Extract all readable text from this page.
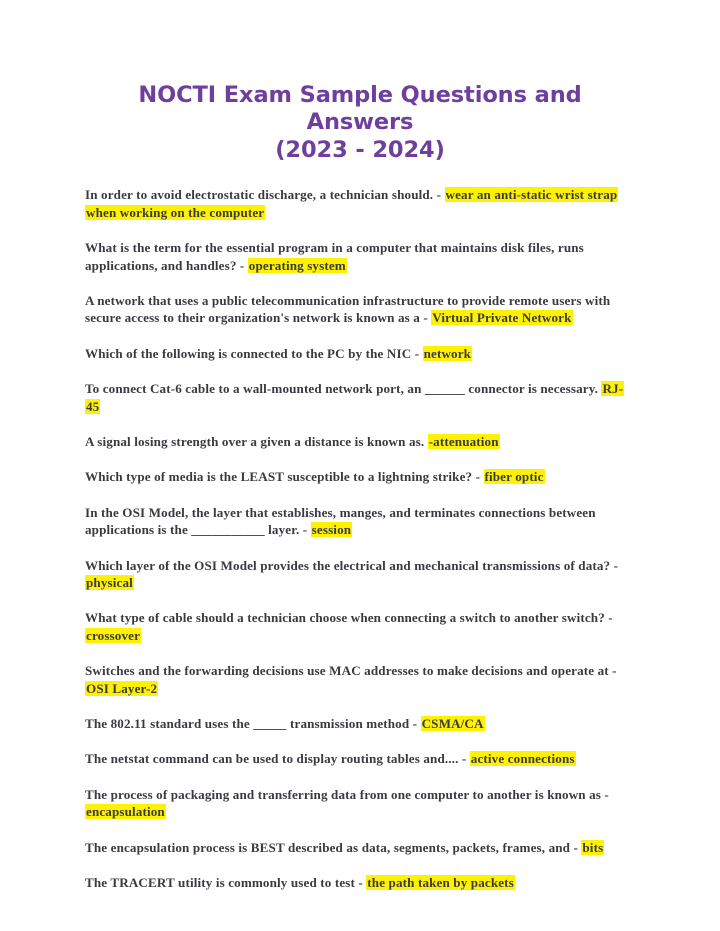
NOCTI Exam Sample Questions and Answers
(2023 - 2024)

In order to avoid electrostatic discharge, a technician should. - wear an anti-static wrist strap when working on the computer

What is the term for the essential program in a computer that maintains disk files, runs applications, and handles? - operating system

A network that uses a public telecommunication infrastructure to provide remote users with secure access to their organization's network is known as a - Virtual Private Network

Which of the following is connected to the PC by the NIC - network

To connect Cat-6 cable to a wall-mounted network port, an ______ connector is necessary. RJ-45

A signal losing strength over a given a distance is known as. -attenuation

Which type of media is the LEAST susceptible to a lightning strike? - fiber optic

In the OSI Model, the layer that establishes, manges, and terminates connections between applications is the ___________ layer. - session

Which layer of the OSI Model provides the electrical and mechanical transmissions of data? - physical

What type of cable should a technician choose when connecting a switch to another switch? - crossover

Switches and the forwarding decisions use MAC addresses to make decisions and operate at - OSI Layer-2

The 802.11 standard uses the _____ transmission method - CSMA/CA

The netstat command can be used to display routing tables and.... - active connections

The process of packaging and transferring data from one computer to another is known as - encapsulation

The encapsulation process is BEST described as data, segments, packets, frames, and - bits

The TRACERT utility is commonly used to test - the path taken by packets
